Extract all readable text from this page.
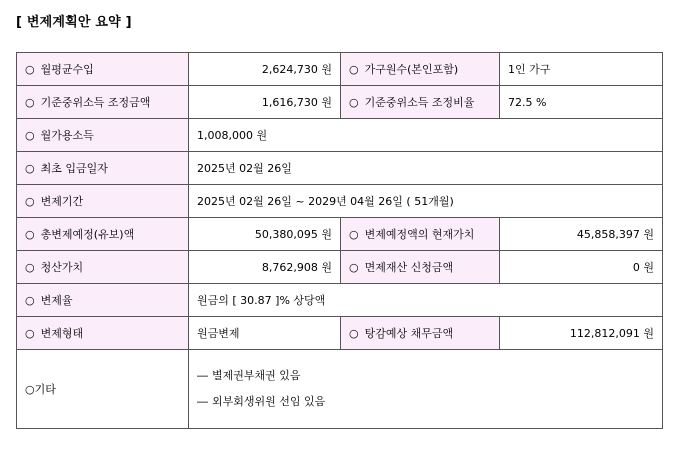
[ 변제계획안 요약 ]
○ 월평균수입	2,624,730 원	○ 가구원수(본인포함)	1인 가구
○ 기준중위소득 조정금액	1,616,730 원	○ 기준중위소득 조정비율	72.5 %
○ 월가용소득	1,008,000 원		
○ 최초 입금일자	2025년 02월 26일		
○ 변제기간	2025년 02월 26일 ~ 2029년 04월 26일 ( 51개월)		
○ 총변제예정(유보)액	50,380,095 원	○ 변제예정액의 현재가치	45,858,397 원
○ 청산가치	8,762,908 원	○ 면제재산 신청금액	0 원
○ 변제율	원금의 [ 30.87 ]% 상당액		
○ 변제형태	원금변제	○ 탕감예상 채무금액	112,812,091 원
○기타	― 별제권부채권 있음
― 외부회생위원 선임 있음		
